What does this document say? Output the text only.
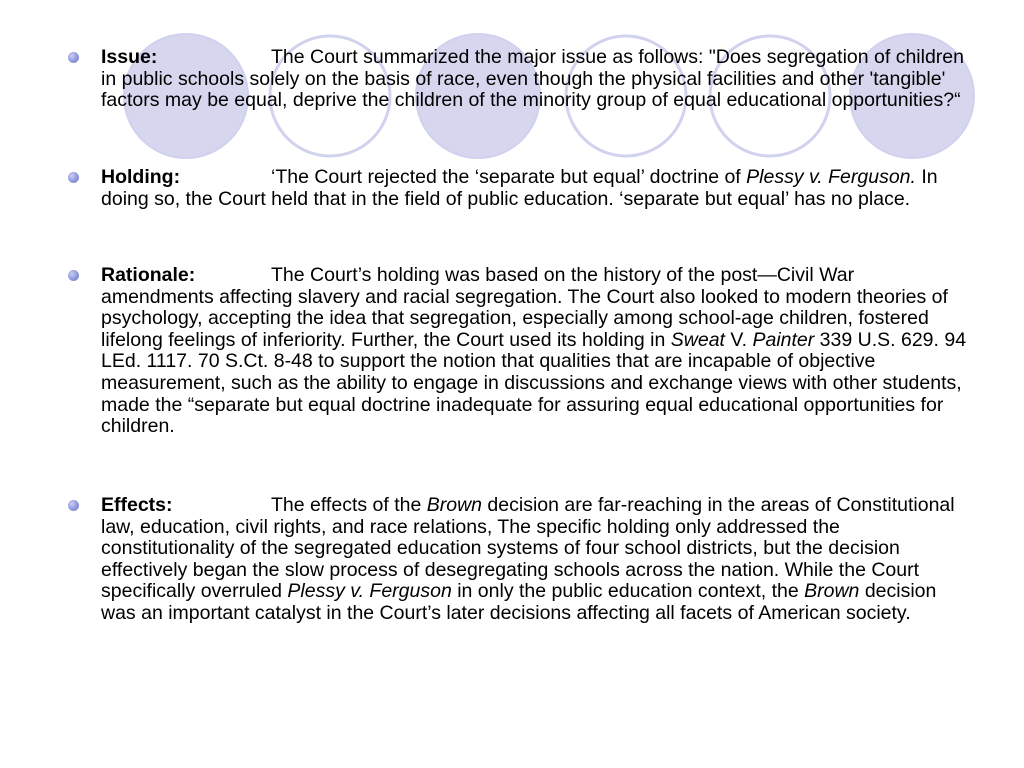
Issue:	The Court summarized the major issue as follows: "Does segregation of children in public schools solely on the basis of race, even though the physical facilities and other 'tangible' factors may be equal, deprive the children of the minority group of equal educational opportunities?“
Holding:	‘The Court rejected the ‘separate but equal’ doctrine of Plessy v. Ferguson. In doing so, the Court held that in the field of public education. ‘separate but equal’ has no place.
Rationale:	The Court’s holding was based on the history of the post—Civil War amendments affecting slavery and racial segregation. The Court also looked to modern theories of psychology, accepting the idea that segregation, especially among school-age children, fostered lifelong feelings of inferiority. Further, the Court used its holding in Sweat V. Painter 339 U.S. 629. 94 LEd. 1117. 70 S.Ct. 8-48 to support the notion that qualities that are incapable of objective measurement, such as the ability to engage in discussions and exchange views with other students, made the “separate but equal doctrine inadequate for assuring equal educational opportunities for children.
Effects:	The effects of the Brown decision are far-reaching in the areas of Constitutional law, education, civil rights, and race relations, The specific holding only addressed the constitutionality of the segregated education systems of four school districts, but the decision effectively began the slow process of desegregating schools across the nation. While the Court specifically overruled Plessy v. Ferguson in only the public education context, the Brown decision was an important catalyst in the Court’s later decisions affecting all facets of American society.
